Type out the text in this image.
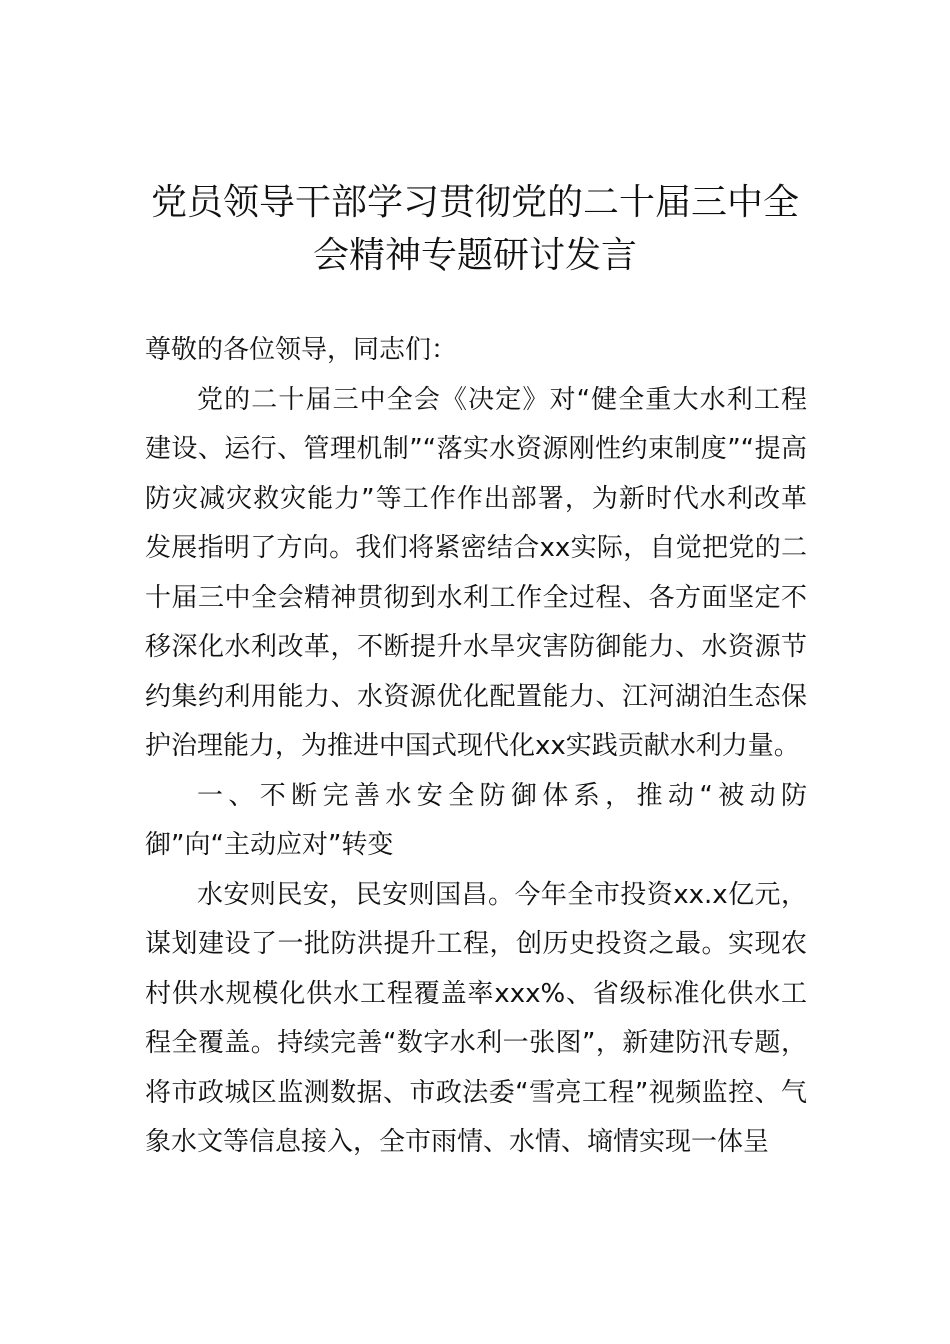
党员领导干部学习贯彻党的二十届三中全会精神专题研讨发言

尊敬的各位领导，同志们：

党的二十届三中全会《决定》对“健全重大水利工程建设、运行、管理机制”“落实水资源刚性约束制度”“提高防灾减灾救灾能力”等工作作出部署，为新时代水利改革发展指明了方向。我们将紧密结合xx实际，自觉把党的二十届三中全会精神贯彻到水利工作全过程、各方面坚定不移深化水利改革，不断提升水旱灾害防御能力、水资源节约集约利用能力、水资源优化配置能力、江河湖泊生态保护治理能力，为推进中国式现代化xx实践贡献水利力量。

一、不断完善水安全防御体系，推动“被动防御”向“主动应对”转变

水安则民安，民安则国昌。今年全市投资xx.x亿元，谋划建设了一批防洪提升工程，创历史投资之最。实现农村供水规模化供水工程覆盖率xxx%、省级标准化供水工程全覆盖。持续完善“数字水利一张图”，新建防汛专题，将市政城区监测数据、市政法委“雪亮工程”视频监控、气象水文等信息接入，全市雨情、水情、墒情实现一体呈
